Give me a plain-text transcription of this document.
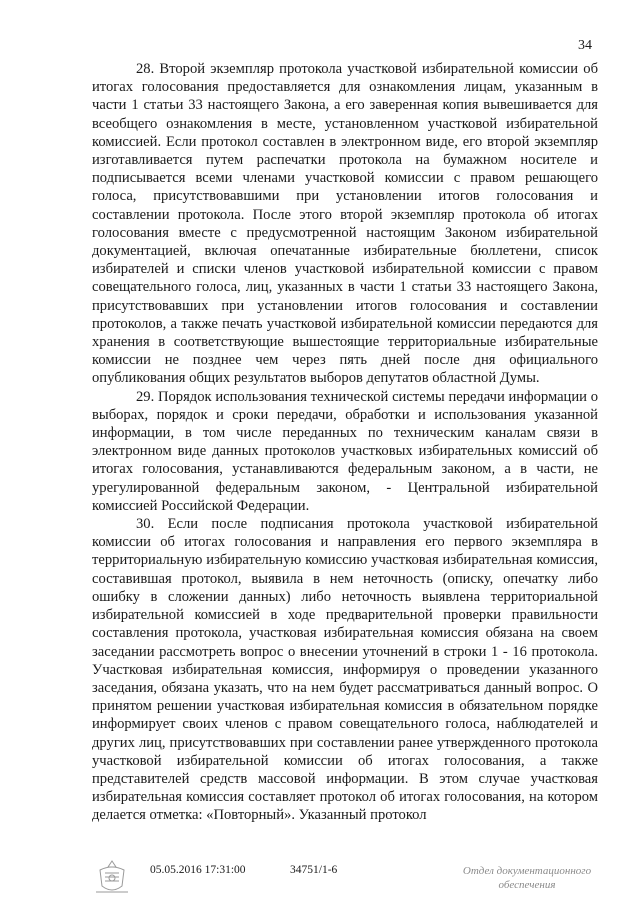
34

28. Второй экземпляр протокола участковой избирательной комиссии об итогах голосования предоставляется для ознакомления лицам, указанным в части 1 статьи 33 настоящего Закона, а его заверенная копия вывешивается для всеобщего ознакомления в месте, установленном участковой избирательной комиссией. Если протокол составлен в электронном виде, его второй экземпляр изготавливается путем распечатки протокола на бумажном носителе и подписывается всеми членами участковой комиссии с правом решающего голоса, присутствовавшими при установлении итогов голосования и составлении протокола. После этого второй экземпляр протокола об итогах голосования вместе с предусмотренной настоящим Законом избирательной документацией, включая опечатанные избирательные бюллетени, список избирателей и списки членов участковой избирательной комиссии с правом совещательного голоса, лиц, указанных в части 1 статьи 33 настоящего Закона, присутствовавших при установлении итогов голосования и составлении протоколов, а также печать участковой избирательной комиссии передаются для хранения в соответствующие вышестоящие территориальные избирательные комиссии не позднее чем через пять дней после дня официального опубликования общих результатов выборов депутатов областной Думы.

29. Порядок использования технической системы передачи информации о выборах, порядок и сроки передачи, обработки и использования указанной информации, в том числе переданных по техническим каналам связи в электронном виде данных протоколов участковых избирательных комиссий об итогах голосования, устанавливаются федеральным законом, а в части, не урегулированной федеральным законом, - Центральной избирательной комиссией Российской Федерации.

30. Если после подписания протокола участковой избирательной комиссии об итогах голосования и направления его первого экземпляра в территориальную избирательную комиссию участковая избирательная комиссия, составившая протокол, выявила в нем неточность (описку, опечатку либо ошибку в сложении данных) либо неточность выявлена территориальной избирательной комиссией в ходе предварительной проверки правильности составления протокола, участковая избирательная комиссия обязана на своем заседании рассмотреть вопрос о внесении уточнений в строки 1 - 16 протокола. Участковая избирательная комиссия, информируя о проведении указанного заседания, обязана указать, что на нем будет рассматриваться данный вопрос. О принятом решении участковая избирательная комиссия в обязательном порядке информирует своих членов с правом совещательного голоса, наблюдателей и других лиц, присутствовавших при составлении ранее утвержденного протокола участковой избирательной комиссии об итогах голосования, а также представителей средств массовой информации. В этом случае участковая избирательная комиссия составляет протокол об итогах голосования, на котором делается отметка: «Повторный». Указанный протокол

05.05.2016 17:31:00	34751/1-6	Отдел документационного
обеспечения
